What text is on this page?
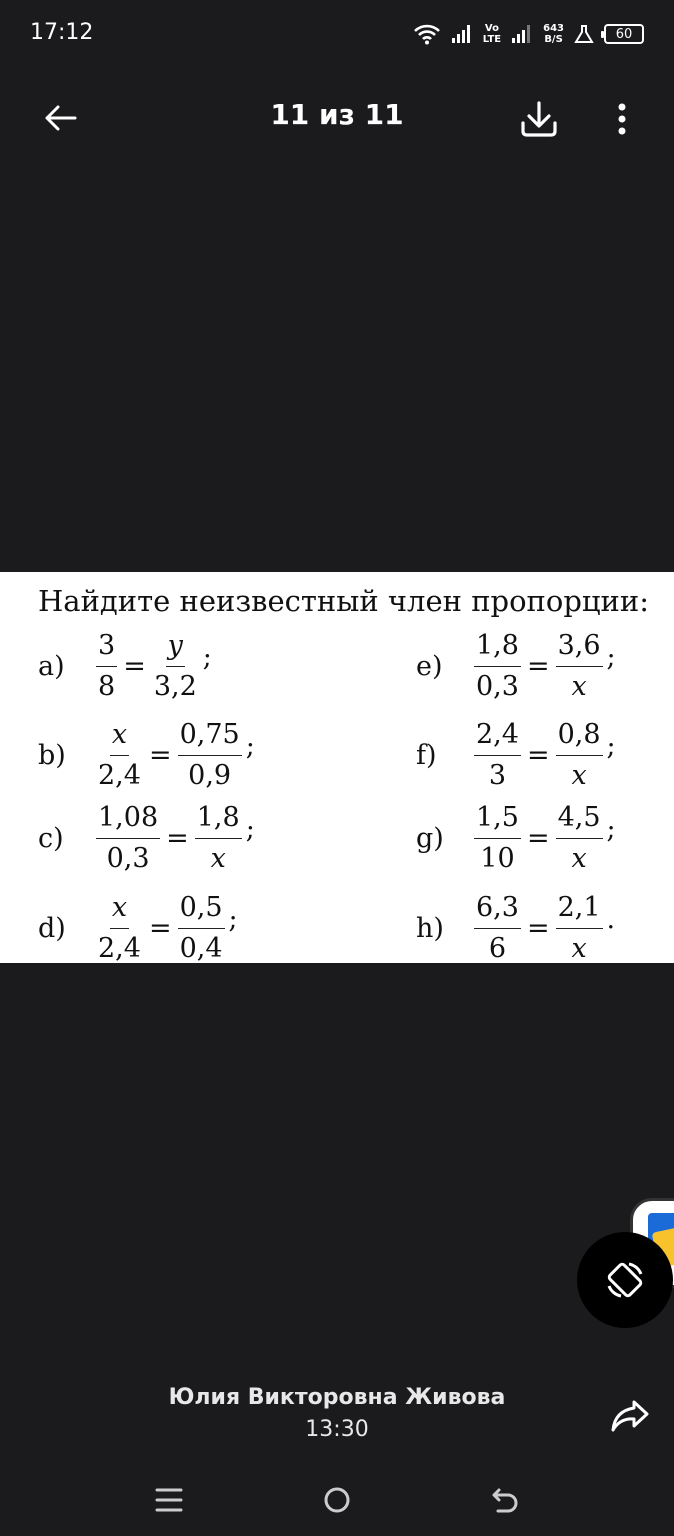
17:12	Vo
LTE
643
B/S	60
11 из 11
Найдите неизвестный член пропорции:
a)	$\frac{3}{8} = \frac{y}{3,2}$ ;
b)	$\frac{x}{2,4} = \frac{0,75}{0,9}$ ;
c)	$\frac{1,08}{0,3} = \frac{1,8}{x}$ ;
d)	$\frac{x}{2,4} = \frac{0,5}{0,4}$ ;
e)	$\frac{1,8}{0,3} = \frac{3,6}{x}$ ;
f)	$\frac{2,4}{3} = \frac{0,8}{x}$ ;
g)	$\frac{1,5}{10} = \frac{4,5}{x}$ ;
h)	$\frac{6,3}{6} = \frac{2,1}{x}$ .
Юлия Викторовна Живова
13:30
